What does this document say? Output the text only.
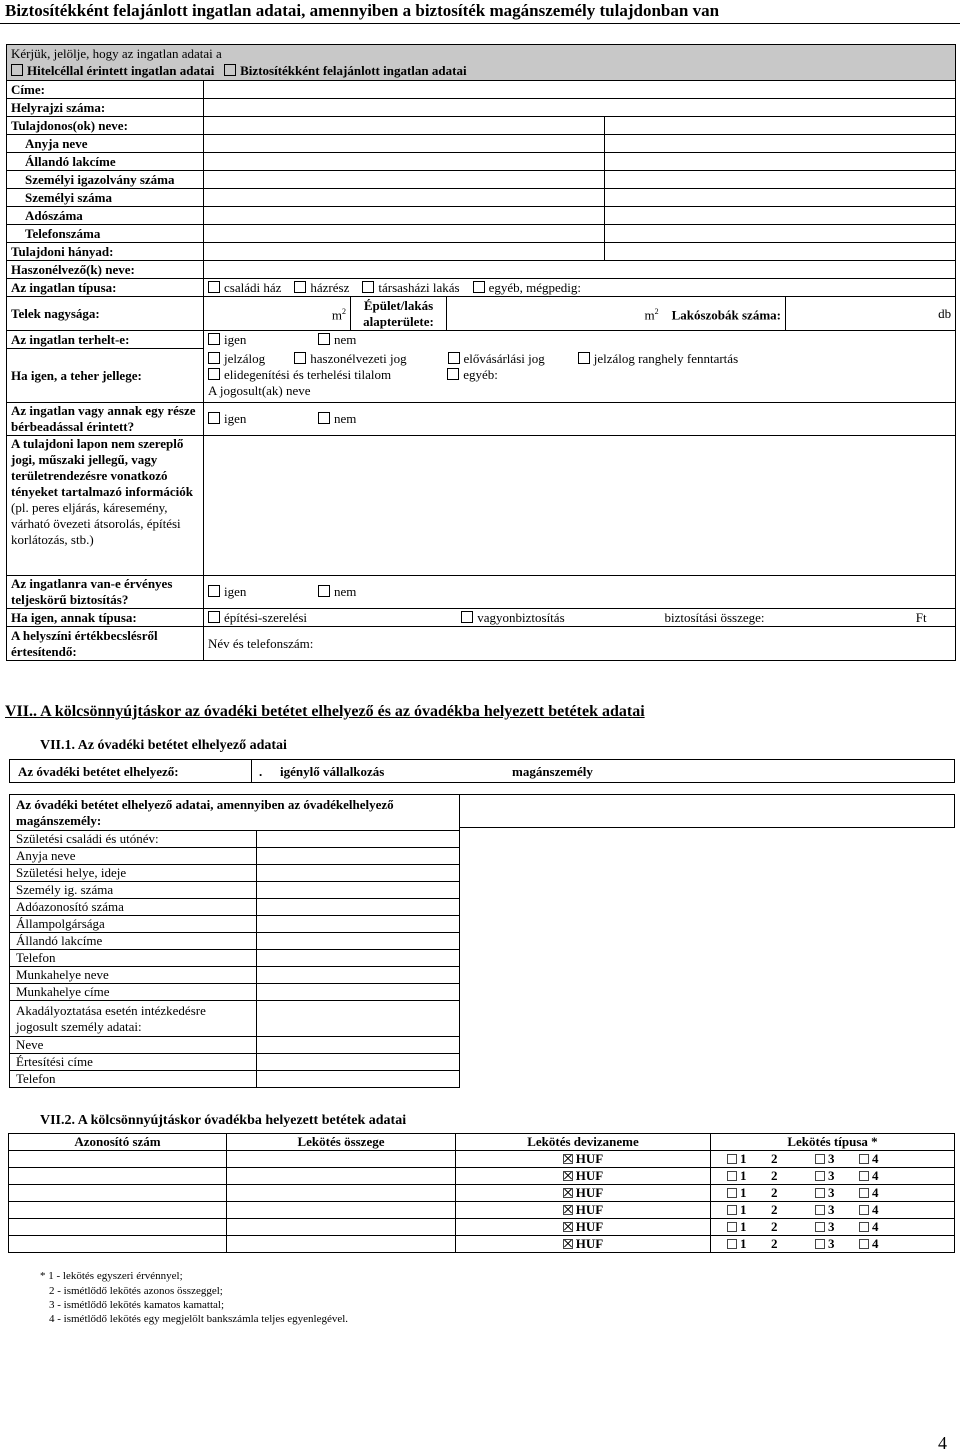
Biztosítékként felajánlott ingatlan adatai, amennyiben a biztosíték magánszemély tulajdonban van
Kérjük, jelölje, hogy az ingatlan adatai a					
Hitelcéllal érintett ingatlan adatai Biztosítékként felajánlott ingatlan adatai					
Címe:					
Helyrajzi száma:					
Tulajdonos(ok) neve:					
Anyja neve					
Állandó lakcíme					
Személyi igazolvány száma					
Személyi száma					
Adószáma					
Telefonszáma					
Tulajdoni hányad:					
Haszonélvező(k) neve:					
Az ingatlan típusa:	családi ház házrész társasházi lakás egyéb, mégpedig:				
Telek nagysága:	$m^2$	Épület/lakás alapterülete:	$m^2$ Lakószobák száma:		db
Az ingatlan terhelt-e:	igen nem				
Ha igen, a teher jellege:	jelzálog haszonélvezeti jog elővásárlási jog jelzálog ranghely fenntartás
elidegenítési és terhelési tilalom egyéb:
A jogosult(ak) neve				

Az ingatlan vagy annak egy része bérbeadással érintett?	igen nem				
A tulajdoni lapon nem szereplő jogi, műszaki jellegű, vagy területrendezésre vonatkozó tényeket tartalmazó információk (pl. peres eljárás, káresemény, várható övezeti átsorolás, építési korlátozás, stb.)					
Az ingatlanra van-e érvényes teljeskörű biztosítás?	igen nem				
Ha igen, annak típusa:	építési-szerelési vagyonbiztosítás biztosítási összege: Ft				
A helyszíni értékbecslésről értesítendő:	Név és telefonszám:				
VII.. A kölcsönnyújtáskor az óvadéki betétet elhelyező és az óvadékba helyezett betétek adatai
VII.1. Az óvadéki betétet elhelyező adatai
Az óvadéki betétet elhelyező:	. igénylő vállalkozás	magánszemély
Az óvadéki betétet elhelyező adatai, amennyiben az óvadékelhelyező magánszemély:	
Születési családi és utónév:	
Anyja neve	
Születési helye, ideje	
Személy ig. száma	
Adóazonosító száma	
Állampolgársága	
Állandó lakcíme	
Telefon	
Munkahelye neve	
Munkahelye címe	
Akadályoztatása esetén intézkedésre jogosult személy adatai:	
Neve	
Értesítési címe	
Telefon	
VII.2. A kölcsönnyújtáskor óvadékba helyezett betétek adatai
Azonosító szám	Lekötés összege	Lekötés devizaneme	Lekötés típusa *
		HUF	1 2 3 4
		HUF	1 2 3 4
		HUF	1 2 3 4
		HUF	1 2 3 4
		HUF	1 2 3 4
		HUF	1 2 3 4
* 1 - lekötés egyszeri érvénnyel;
2 - ismétlődő lekötés azonos összeggel;
3 - ismétlődő lekötés kamatos kamattal;
4 - ismétlődő lekötés egy megjelölt bankszámla teljes egyenlegével.
4
